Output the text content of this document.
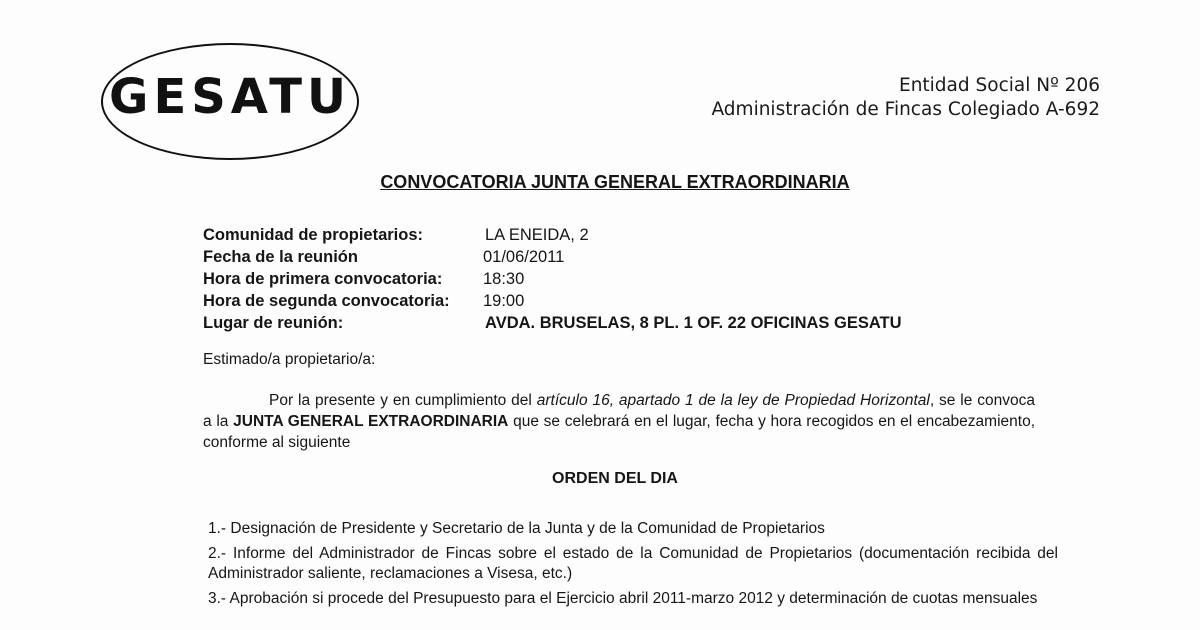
GESATU	Entidad Social Nº 206
Administración de Fincas Colegiado A-692
CONVOCATORIA JUNTA GENERAL EXTRAORDINARIA
Comunidad de propietarios:	LA ENEIDA, 2
Fecha de la reunión	01/06/2011
Hora de primera convocatoria: 18:30
Hora de segunda convocatoria: 19:00
Lugar de reunión:	AVDA. BRUSELAS, 8 PL. 1 OF. 22 OFICINAS GESATU
Estimado/a propietario/a:
Por la presente y en cumplimiento del artículo 16, apartado 1 de la ley de Propiedad Horizontal, se le convoca a la JUNTA GENERAL EXTRAORDINARIA que se celebrará en el lugar, fecha y hora recogidos en el encabezamiento, conforme al siguiente
ORDEN DEL DIA
1.- Designación de Presidente y Secretario de la Junta y de la Comunidad de Propietarios
2.- Informe del Administrador de Fincas sobre el estado de la Comunidad de Propietarios (documentación recibida del Administrador saliente, reclamaciones a Visesa, etc.)
3.- Aprobación si procede del Presupuesto para el Ejercicio abril 2011-marzo 2012 y determinación de cuotas mensuales
